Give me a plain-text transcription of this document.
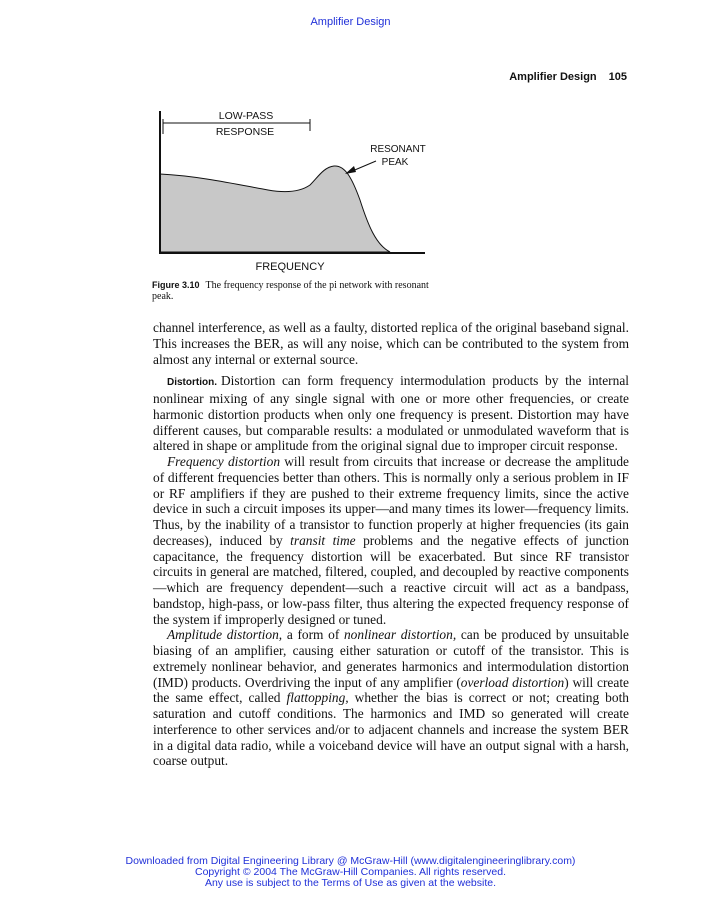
Amplifier Design
Amplifier Design 105
LOW-PASS
RESPONSE
RESONANT
PEAK
FREQUENCY
Figure 3.10 The frequency response of the pi network with resonant peak.

channel interference, as well as a faulty, distorted replica of the original baseband signal. This increases the BER, as will any noise, which can be contributed to the system from almost any internal or external source.

Distortion. Distortion can form frequency intermodulation products by the internal nonlinear mixing of any single signal with one or more other frequencies, or create harmonic distortion products when only one frequency is present. Distortion may have different causes, but comparable results: a modulated or unmodulated waveform that is altered in shape or amplitude from the original signal due to improper circuit response.

Frequency distortion will result from circuits that increase or decrease the amplitude of different frequencies better than others. This is normally only a serious problem in IF or RF amplifiers if they are pushed to their extreme frequency limits, since the active device in such a circuit imposes its upper—and many times its lower—frequency limits. Thus, by the inability of a transistor to function properly at higher frequencies (its gain decreases), induced by transit time problems and the negative effects of junction capacitance, the frequency distortion will be exacerbated. But since RF transistor circuits in general are matched, filtered, coupled, and decoupled by reactive components—which are frequency dependent—such a reactive circuit will act as a bandpass, bandstop, high-pass, or low-pass filter, thus altering the expected frequency response of the system if improperly designed or tuned.

Amplitude distortion, a form of nonlinear distortion, can be produced by unsuitable biasing of an amplifier, causing either saturation or cutoff of the transistor. This is extremely nonlinear behavior, and generates harmonics and intermodulation distortion (IMD) products. Overdriving the input of any amplifier (overload distortion) will create the same effect, called flattopping, whether the bias is correct or not; creating both saturation and cutoff conditions. The harmonics and IMD so generated will create interference to other services and/or to adjacent channels and increase the system BER in a digital data radio, while a voiceband device will have an output signal with a harsh, coarse output.

Downloaded from Digital Engineering Library @ McGraw-Hill (www.digitalengineeringlibrary.com)
Copyright © 2004 The McGraw-Hill Companies. All rights reserved.
Any use is subject to the Terms of Use as given at the website.
